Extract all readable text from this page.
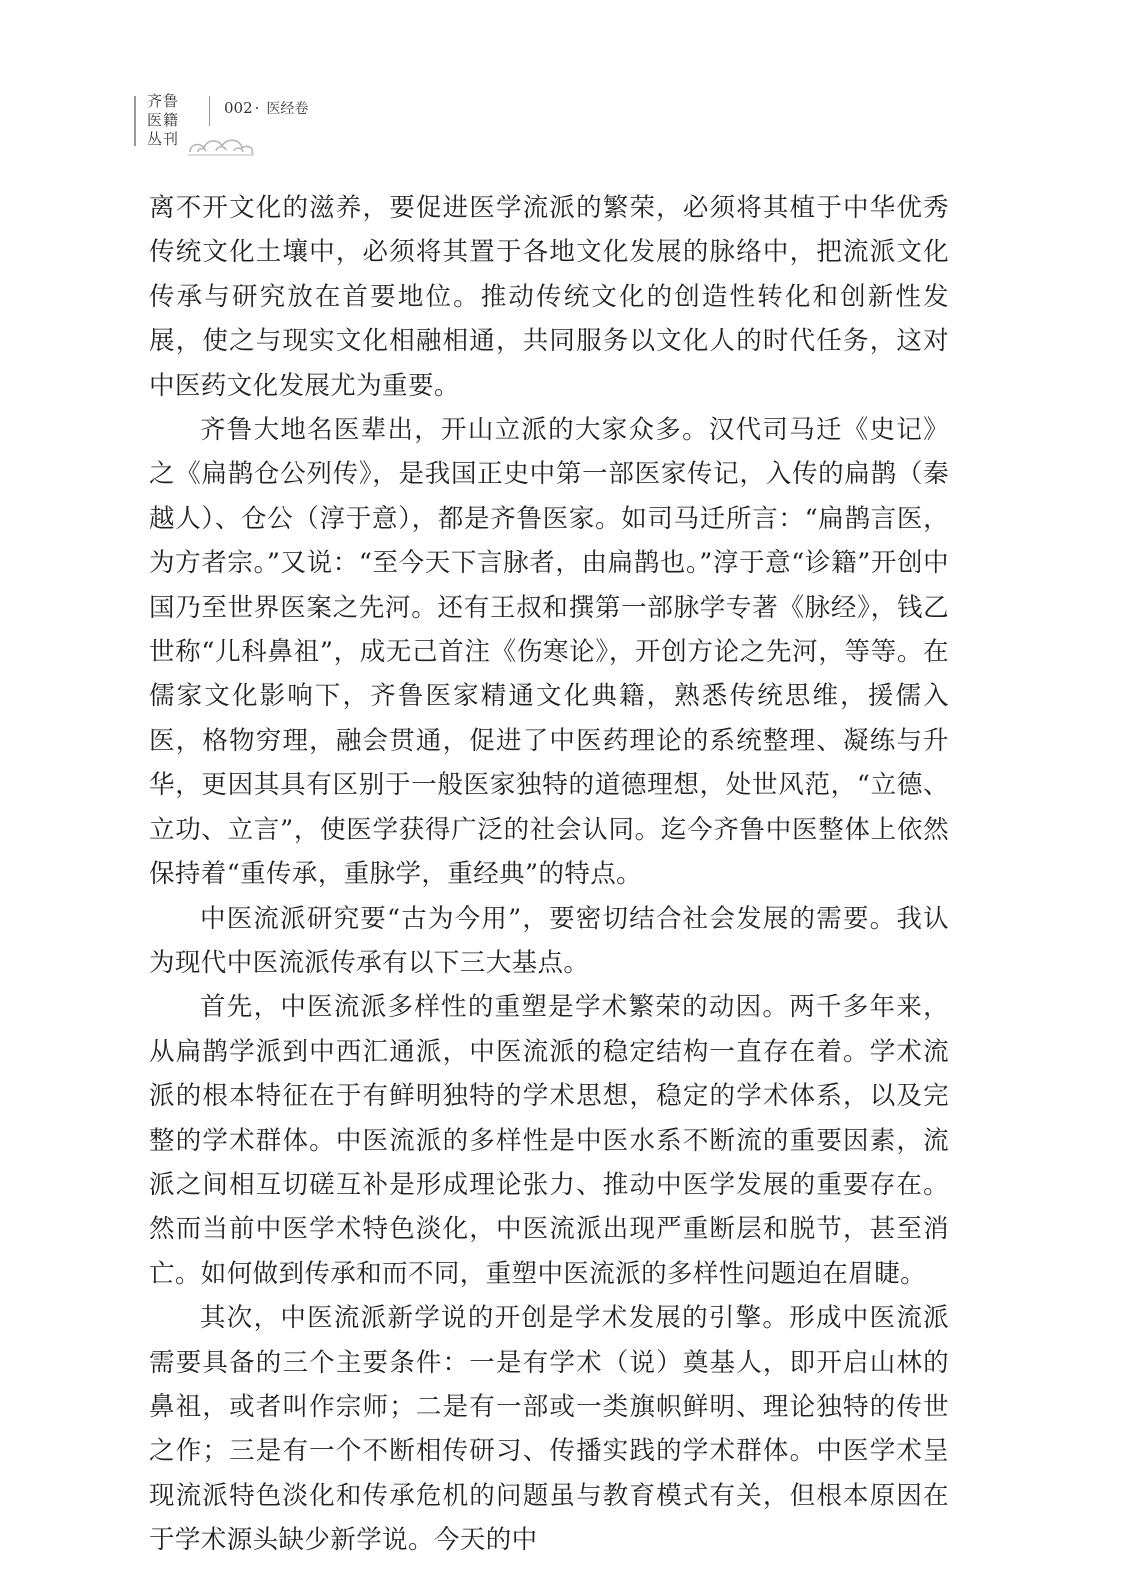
齐鲁
医籍
丛刊
002 · 医经卷

离不开文化的滋养，要促进医学流派的繁荣，必须将其植于中华优秀传统文化土壤中，必须将其置于各地文化发展的脉络中，把流派文化传承与研究放在首要地位。推动传统文化的创造性转化和创新性发展，使之与现实文化相融相通，共同服务以文化人的时代任务，这对中医药文化发展尤为重要。

齐鲁大地名医辈出，开山立派的大家众多。汉代司马迁《史记》之《扁鹊仓公列传》，是我国正史中第一部医家传记，入传的扁鹊（秦越人）、仓公（淳于意），都是齐鲁医家。如司马迁所言：“扁鹊言医，为方者宗。”又说：“至今天下言脉者，由扁鹊也。”淳于意“诊籍”开创中国乃至世界医案之先河。还有王叔和撰第一部脉学专著《脉经》，钱乙世称“儿科鼻祖”，成无己首注《伤寒论》，开创方论之先河，等等。在儒家文化影响下，齐鲁医家精通文化典籍，熟悉传统思维，援儒入医，格物穷理，融会贯通，促进了中医药理论的系统整理、凝练与升华，更因其具有区别于一般医家独特的道德理想，处世风范，“立德、立功、立言”，使医学获得广泛的社会认同。迄今齐鲁中医整体上依然保持着“重传承，重脉学，重经典”的特点。

中医流派研究要“古为今用”，要密切结合社会发展的需要。我认为现代中医流派传承有以下三大基点。

首先，中医流派多样性的重塑是学术繁荣的动因。两千多年来，从扁鹊学派到中西汇通派，中医流派的稳定结构一直存在着。学术流派的根本特征在于有鲜明独特的学术思想，稳定的学术体系，以及完整的学术群体。中医流派的多样性是中医水系不断流的重要因素，流派之间相互切磋互补是形成理论张力、推动中医学发展的重要存在。然而当前中医学术特色淡化，中医流派出现严重断层和脱节，甚至消亡。如何做到传承和而不同，重塑中医流派的多样性问题迫在眉睫。

其次，中医流派新学说的开创是学术发展的引擎。形成中医流派需要具备的三个主要条件：一是有学术（说）奠基人，即开启山林的鼻祖，或者叫作宗师；二是有一部或一类旗帜鲜明、理论独特的传世之作；三是有一个不断相传研习、传播实践的学术群体。中医学术呈现流派特色淡化和传承危机的问题虽与教育模式有关，但根本原因在于学术源头缺少新学说。今天的中
